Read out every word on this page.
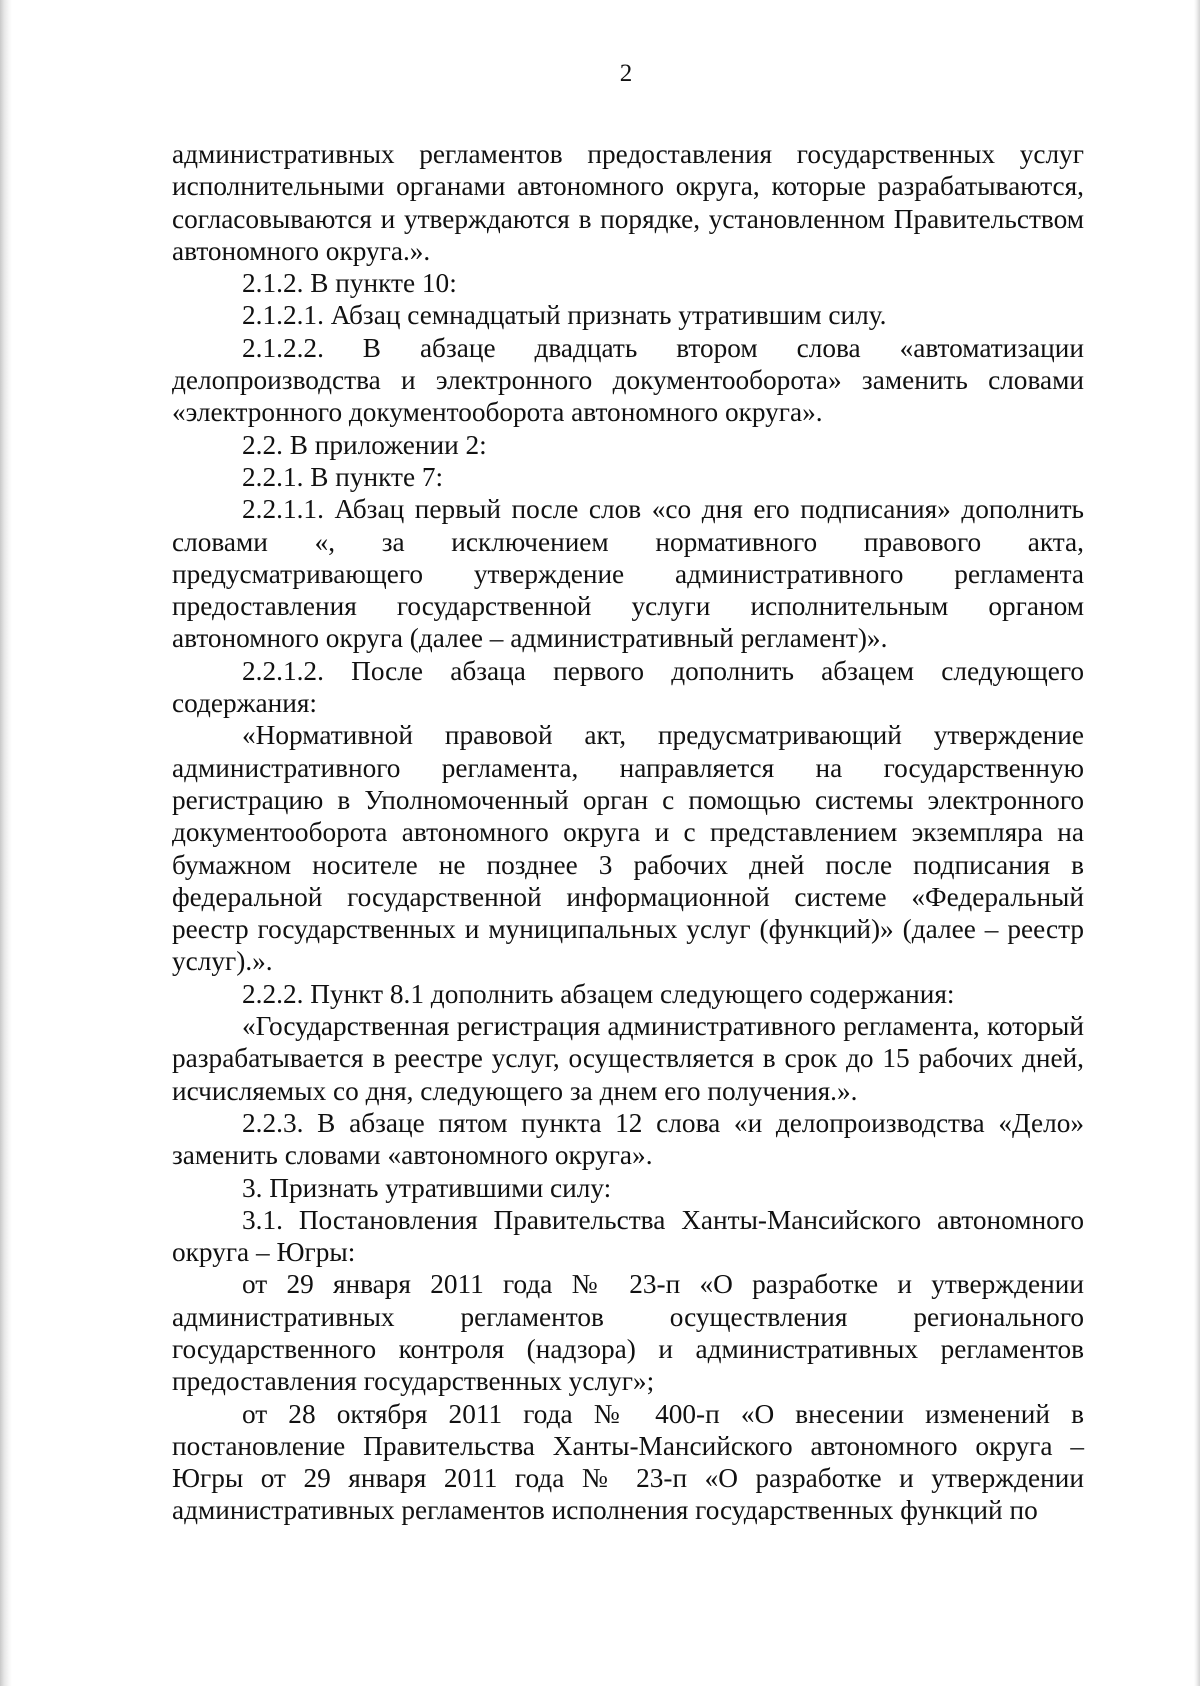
2

административных регламентов предоставления государственных услуг исполнительными органами автономного округа, которые разрабатываются, согласовываются и утверждаются в порядке, установленном Правительством автономного округа.».

2.1.2. В пункте 10:

2.1.2.1. Абзац семнадцатый признать утратившим силу.

2.1.2.2. В абзаце двадцать втором слова «автоматизации делопроизводства и электронного документооборота» заменить словами «электронного документооборота автономного округа».

2.2. В приложении 2:

2.2.1. В пункте 7:

2.2.1.1. Абзац первый после слов «со дня его подписания» дополнить словами «, за исключением нормативного правового акта, предусматривающего утверждение административного регламента предоставления государственной услуги исполнительным органом автономного округа (далее – административный регламент)».

2.2.1.2. После абзаца первого дополнить абзацем следующего содержания:

«Нормативной правовой акт, предусматривающий утверждение административного регламента, направляется на государственную регистрацию в Уполномоченный орган с помощью системы электронного документооборота автономного округа и с представлением экземпляра на бумажном носителе не позднее 3 рабочих дней после подписания в федеральной государственной информационной системе «Федеральный реестр государственных и муниципальных услуг (функций)» (далее – реестр услуг).».

2.2.2. Пункт 8.1 дополнить абзацем следующего содержания:

«Государственная регистрация административного регламента, который разрабатывается в реестре услуг, осуществляется в срок до 15 рабочих дней, исчисляемых со дня, следующего за днем его получения.».

2.2.3. В абзаце пятом пункта 12 слова «и делопроизводства «Дело» заменить словами «автономного округа».

3. Признать утратившими силу:

3.1. Постановления Правительства Ханты-Мансийского автономного округа – Югры:

от 29 января 2011 года № 23-п «О разработке и утверждении административных регламентов осуществления регионального государственного контроля (надзора) и административных регламентов предоставления государственных услуг»;

от 28 октября 2011 года № 400-п «О внесении изменений в постановление Правительства Ханты-Мансийского автономного округа – Югры от 29 января 2011 года № 23-п «О разработке и утверждении административных регламентов исполнения государственных функций по
